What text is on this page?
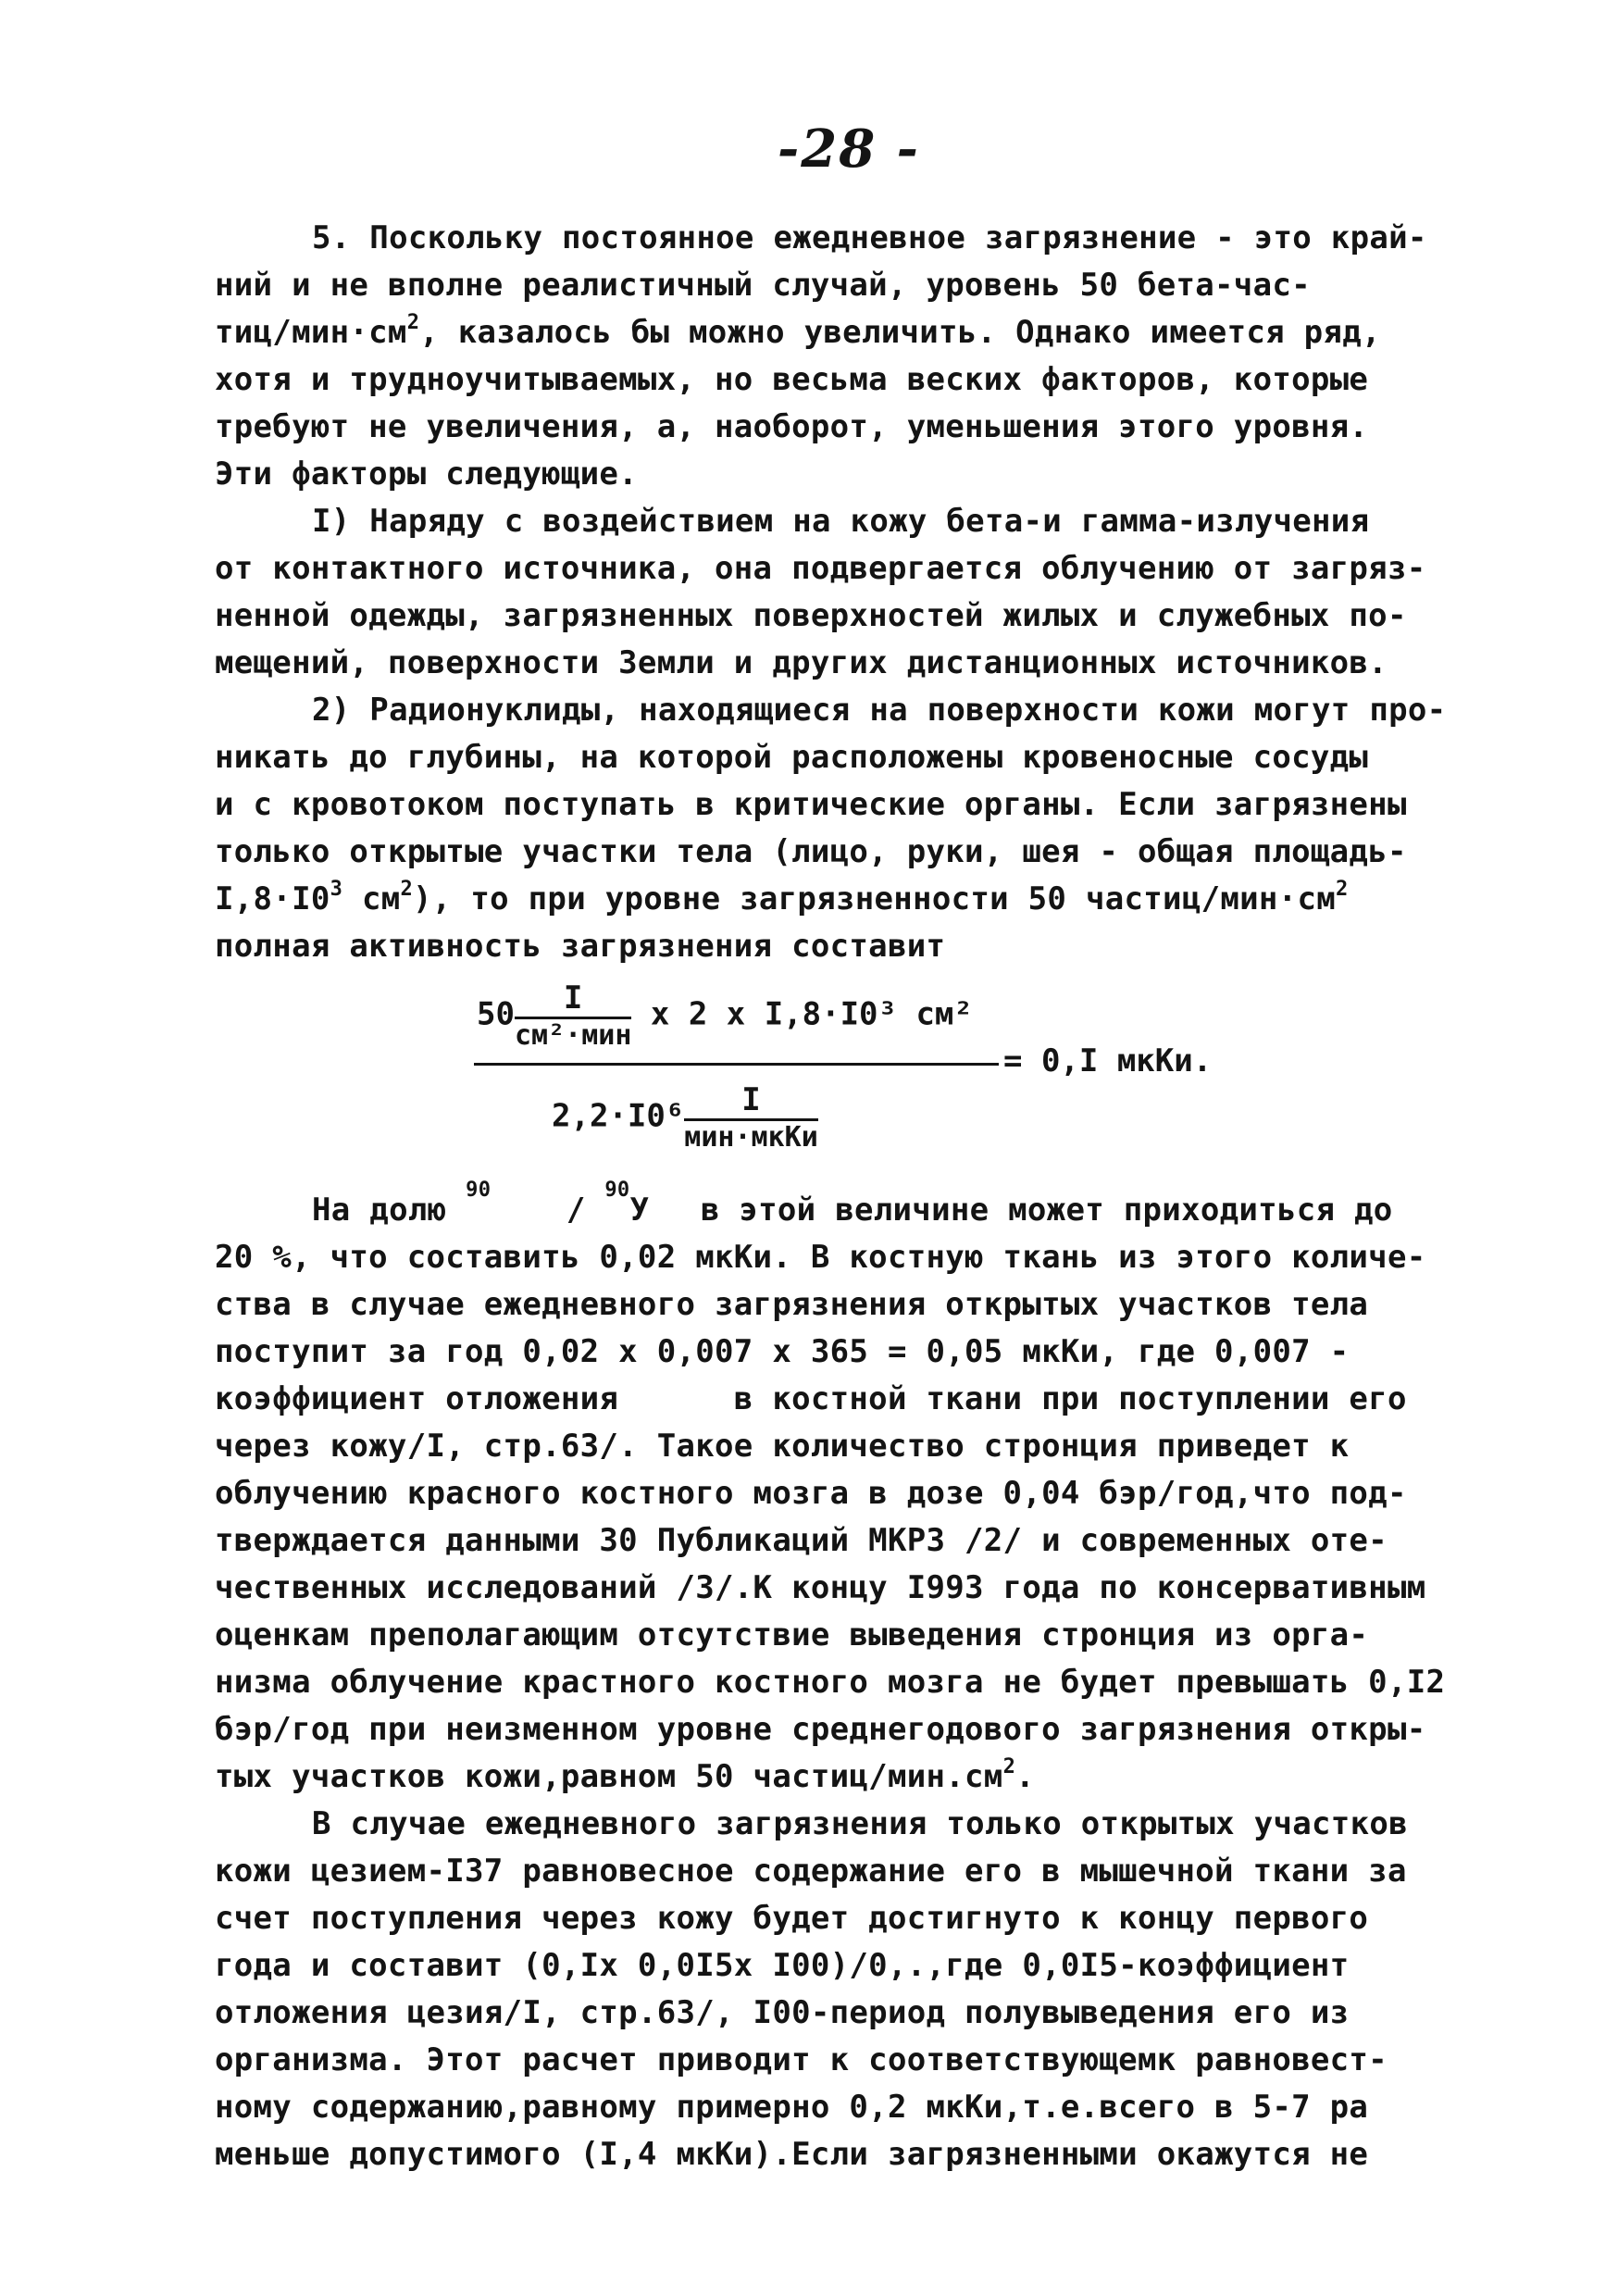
-28 -
5. Поскольку постоянное ежедневное загрязнение - это край-
ний и не вполне реалистичный случай, уровень 50 бета-час-
тиц/$мин\cdot см^2$, казалось бы можно увеличить. Однако имеется ряд,
хотя и трудноучитываемых, но весьма веских факторов, которые
требуют не увеличения, а, наоборот, уменьшения этого уровня.
Эти факторы следующие.
I) Наряду с воздействием на кожу бета-и гамма-излучения
от контактного источника, она подвергается облучению от загряз-
ненной одежды, загрязненных поверхностей жилых и служебных по-
мещений, поверхности Земли и других дистанционных источников.
2) Радионуклиды, находящиеся на поверхности кожи могут про-
никать до глубины, на которой расположены кровеносные сосуды
и с кровотоком поступать в критические органы. Если загрязнены
только открытые участки тела (лицо, руки, шея - общая площадь-
$I,8\cdot I0^3$ $см^2$), то при уровне загрязненности 50 частиц/$мин\cdot см^2$
полная активность загрязнения составит
$50 \frac{I}{\text{см²·мин}}$ x 2 x I,8·I0³ см²
= 0,I мкКи.
$2,2\cdot I0^6 \frac{I}{\text{мин·мкКи}}$
На долю $^{90}$  / $^{90}$У в этой величине может приходиться до
20 %, что составить 0,02 мкКи. В костную ткань из этого количе-
ства в случае ежедневного загрязнения открытых участков тела
поступит за год 0,02 х 0,007 х 365 = 0,05 мкКи, где 0,007 -
коэффициент отложения      в костной ткани при поступлении его
через кожу/I, стр.63/. Такое количество стронция приведет к
облучению красного костного мозга в дозе 0,04 бэр/год,что под-
тверждается данными 30 Публикаций МКРЗ /2/ и современных оте-
чественных исследований /3/.К концу I993 года по консервативным
оценкам преполагающим отсутствие выведения стронция из орга-
низма облучение крастного костного мозга не будет превышать 0,I2
бэр/год при неизменном уровне среднегодового загрязнения откры-
тых участков кожи,равном 50 частиц/$мин.см^2$.
В случае ежедневного загрязнения только открытых участков
кожи цезием-I37 равновесное содержание его в мышечной ткани за
счет поступления через кожу будет достигнуто к концу первого
года и составит (0,Iх 0,0I5х I00)/0,.,где 0,0I5-коэффициент
отложения цезия/I, стр.63/, I00-период полувыведения его из
организма. Этот расчет приводит к соответствующемк равновест-
ному содержанию,равному примерно 0,2 мкКи,т.е.всего в 5-7 ра
меньше допустимого (I,4 мкКи).Если загрязненными окажутся не
